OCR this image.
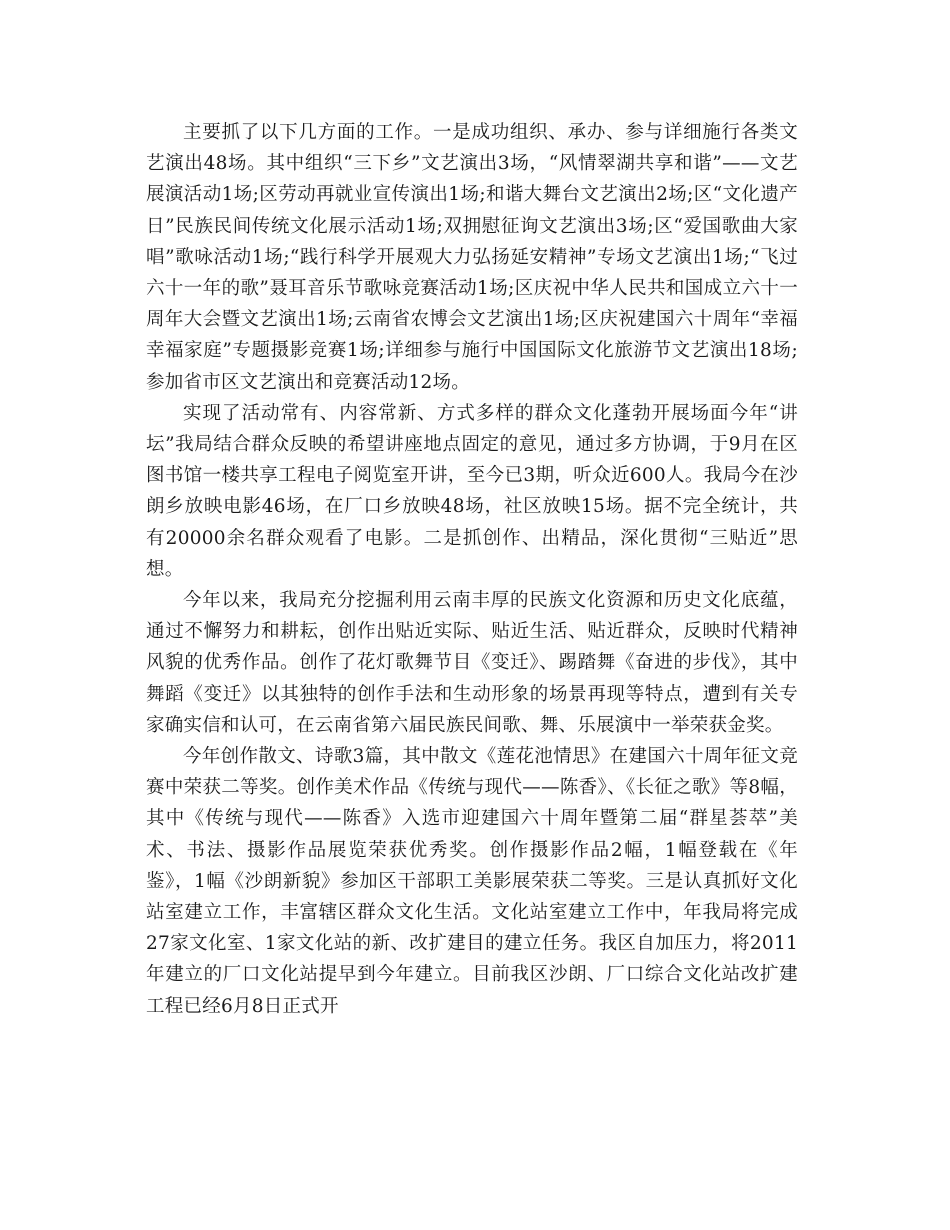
主要抓了以下几方面的工作。一是成功组织、承办、参与详细施行各类文艺演出48场。其中组织“三下乡”文艺演出3场，“风情翠湖共享和谐”——文艺展演活动1场;区劳动再就业宣传演出1场;和谐大舞台文艺演出2场;区“文化遗产日”民族民间传统文化展示活动1场;双拥慰征询文艺演出3场;区“爱国歌曲大家唱”歌咏活动1场;“践行科学开展观大力弘扬延安精神”专场文艺演出1场;“飞过六十一年的歌”聂耳音乐节歌咏竞赛活动1场;区庆祝中华人民共和国成立六十一周年大会暨文艺演出1场;云南省农博会文艺演出1场;区庆祝建国六十周年“幸福幸福家庭”专题摄影竞赛1场;详细参与施行中国国际文化旅游节文艺演出18场;参加省市区文艺演出和竞赛活动12场。

实现了活动常有、内容常新、方式多样的群众文化蓬勃开展场面今年“讲坛”我局结合群众反映的希望讲座地点固定的意见，通过多方协调，于9月在区图书馆一楼共享工程电子阅览室开讲，至今已3期，听众近600人。我局今在沙朗乡放映电影46场，在厂口乡放映48场，社区放映15场。据不完全统计，共有20000余名群众观看了电影。二是抓创作、出精品，深化贯彻“三贴近”思想。

今年以来，我局充分挖掘利用云南丰厚的民族文化资源和历史文化底蕴，通过不懈努力和耕耘，创作出贴近实际、贴近生活、贴近群众，反映时代精神风貌的优秀作品。创作了花灯歌舞节目《变迁》、踢踏舞《奋进的步伐》，其中舞蹈《变迁》以其独特的创作手法和生动形象的场景再现等特点，遭到有关专家确实信和认可，在云南省第六届民族民间歌、舞、乐展演中一举荣获金奖。

今年创作散文、诗歌3篇，其中散文《莲花池情思》在建国六十周年征文竞赛中荣获二等奖。创作美术作品《传统与现代——陈香》、《长征之歌》等8幅，其中《传统与现代——陈香》入选市迎建国六十周年暨第二届“群星荟萃”美术、书法、摄影作品展览荣获优秀奖。创作摄影作品2幅，1幅登载在《年鉴》，1幅《沙朗新貌》参加区干部职工美影展荣获二等奖。三是认真抓好文化站室建立工作，丰富辖区群众文化生活。文化站室建立工作中，年我局将完成27家文化室、1家文化站的新、改扩建目的建立任务。我区自加压力，将2011年建立的厂口文化站提早到今年建立。目前我区沙朗、厂口综合文化站改扩建工程已经6月8日正式开
